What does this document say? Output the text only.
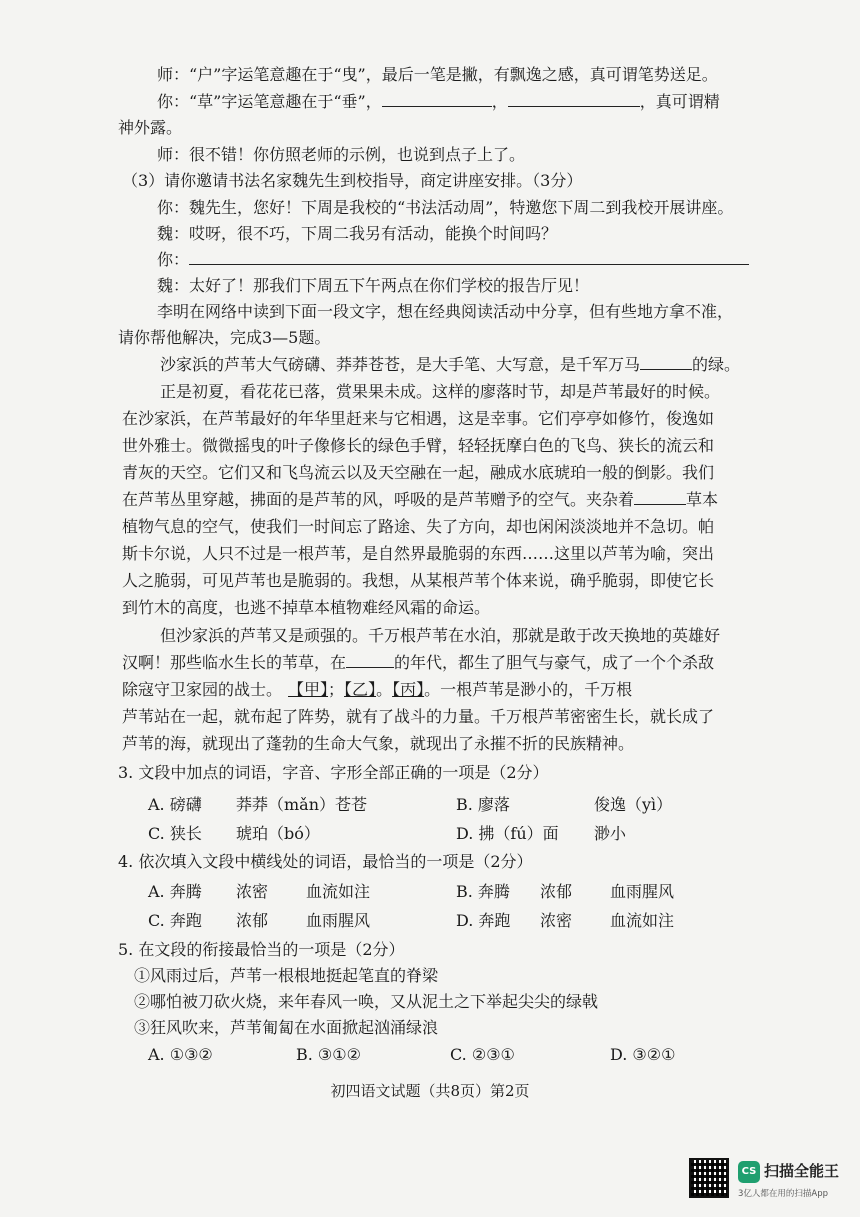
师：“户”字运笔意趣在于“曳”，最后一笔是撇，有飘逸之感，真可谓笔势送足。
你：“草”字运笔意趣在于“垂”，	，	，真可谓精
神外露。
师：很不错！你仿照老师的示例，也说到点子上了。
（3）请你邀请书法名家魏先生到校指导，商定讲座安排。（3分）
你：魏先生，您好！下周是我校的“书法活动周”，特邀您下周二到我校开展讲座。
魏：哎呀，很不巧，下周二我另有活动，能换个时间吗？
你：
魏：太好了！那我们下周五下午两点在你们学校的报告厅见！
李明在网络中读到下面一段文字，想在经典阅读活动中分享，但有些地方拿不准，
请你帮他解决，完成3—5题。
沙家浜的芦苇大气磅礴、莽莽苍苍，是大手笔、大写意，是千军万马	的绿。
正是初夏，看花花已落，赏果果未成。这样的廖落时节，却是芦苇最好的时候。
在沙家浜，在芦苇最好的年华里赶来与它相遇，这是幸事。它们亭亭如修竹，俊逸如
世外雅士。微微摇曳的叶子像修长的绿色手臂，轻轻抚摩白色的飞鸟、狭长的流云和
青灰的天空。它们又和飞鸟流云以及天空融在一起，融成水底琥珀一般的倒影。我们
在芦苇丛里穿越，拂面的是芦苇的风，呼吸的是芦苇赠予的空气。夹杂着	草本
植物气息的空气，使我们一时间忘了路途、失了方向，却也闲闲淡淡地并不急切。帕
斯卡尔说，人只不过是一根芦苇，是自然界最脆弱的东西……这里以芦苇为喻，突出
人之脆弱，可见芦苇也是脆弱的。我想，从某根芦苇个体来说，确乎脆弱，即使它长
到竹木的高度，也逃不掉草本植物难经风霜的命运。
但沙家浜的芦苇又是顽强的。千万根芦苇在水泊，那就是敢于改天换地的英雄好
汉啊！那些临水生长的苇草，在	的年代，都生了胆气与豪气，成了一个个杀敌
除寇守卫家园的战士。 【甲】；【乙】。【丙】。一根芦苇是渺小的，千万根
芦苇站在一起，就布起了阵势，就有了战斗的力量。千万根芦苇密密生长，就长成了
芦苇的海，就现出了蓬勃的生命大气象，就现出了永摧不折的民族精神。
3. 文段中加点的词语，字音、字形全部正确的一项是（2分）
A. 磅礴 莽莽（mǎn）苍苍	B. 廖落	俊逸（yì）
C. 狭长 琥珀（bó）	D. 拂（fú）面 渺小
4. 依次填入文段中横线处的词语，最恰当的一项是（2分）
A. 奔腾 浓密 血流如注	B. 奔腾 浓郁 血雨腥风
C. 奔跑 浓郁 血雨腥风	D. 奔跑 浓密 血流如注
5. 在文段的衔接最恰当的一项是（2分）
①风雨过后，芦苇一根根地挺起笔直的脊梁
②哪怕被刀砍火烧，来年春风一唤，又从泥土之下举起尖尖的绿戟
③狂风吹来，芦苇匍匐在水面掀起汹涌绿浪
A. ①③②	B. ③①②	C. ②③①	D. ③②①
初四语文试题（共8页）第2页
CS 扫描全能王
3亿人都在用的扫描App
